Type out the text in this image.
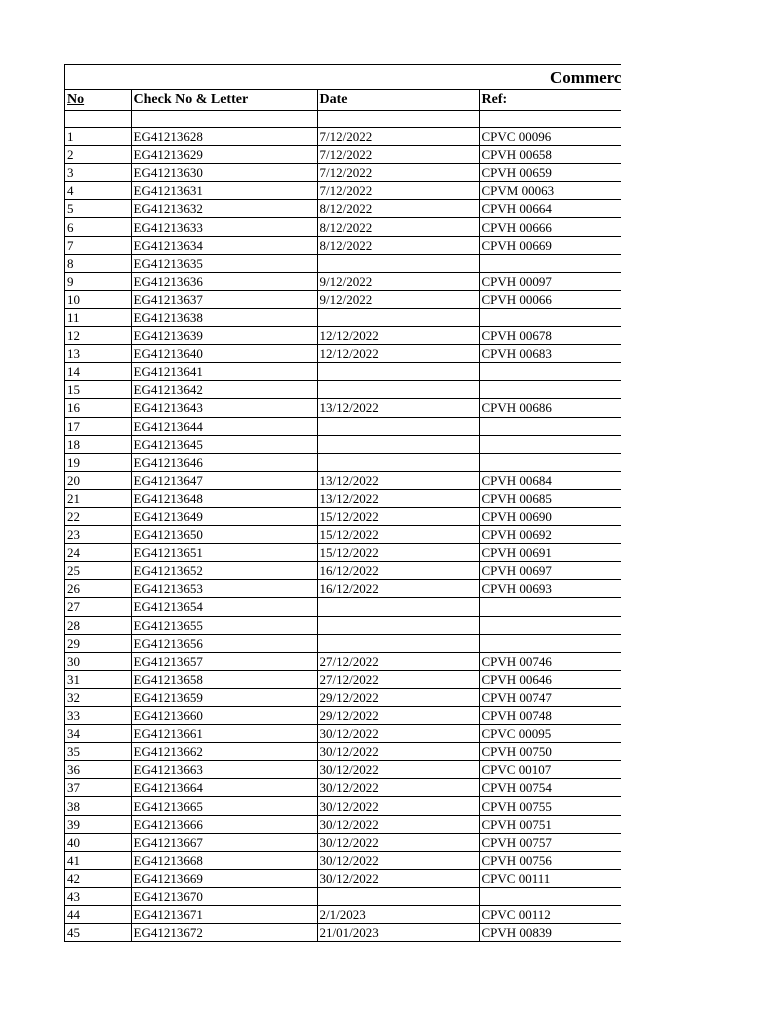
Commerc
No	Check No & Letter	Date	Ref:

1	EG41213628	7/12/2022	CPVC 00096
2	EG41213629	7/12/2022	CPVH 00658
3	EG41213630	7/12/2022	CPVH 00659
4	EG41213631	7/12/2022	CPVM 00063
5	EG41213632	8/12/2022	CPVH 00664
6	EG41213633	8/12/2022	CPVH 00666
7	EG41213634	8/12/2022	CPVH 00669
8	EG41213635		
9	EG41213636	9/12/2022	CPVH 00097
10	EG41213637	9/12/2022	CPVH 00066
11	EG41213638		
12	EG41213639	12/12/2022	CPVH 00678
13	EG41213640	12/12/2022	CPVH 00683
14	EG41213641		
15	EG41213642		
16	EG41213643	13/12/2022	CPVH 00686
17	EG41213644		
18	EG41213645		
19	EG41213646		
20	EG41213647	13/12/2022	CPVH 00684
21	EG41213648	13/12/2022	CPVH 00685
22	EG41213649	15/12/2022	CPVH 00690
23	EG41213650	15/12/2022	CPVH 00692
24	EG41213651	15/12/2022	CPVH 00691
25	EG41213652	16/12/2022	CPVH 00697
26	EG41213653	16/12/2022	CPVH 00693
27	EG41213654		
28	EG41213655		
29	EG41213656		
30	EG41213657	27/12/2022	CPVH 00746
31	EG41213658	27/12/2022	CPVH 00646
32	EG41213659	29/12/2022	CPVH 00747
33	EG41213660	29/12/2022	CPVH 00748
34	EG41213661	30/12/2022	CPVC 00095
35	EG41213662	30/12/2022	CPVH 00750
36	EG41213663	30/12/2022	CPVC 00107
37	EG41213664	30/12/2022	CPVH 00754
38	EG41213665	30/12/2022	CPVH 00755
39	EG41213666	30/12/2022	CPVH 00751
40	EG41213667	30/12/2022	CPVH 00757
41	EG41213668	30/12/2022	CPVH 00756
42	EG41213669	30/12/2022	CPVC 00111
43	EG41213670		
44	EG41213671	2/1/2023	CPVC 00112
45	EG41213672	21/01/2023	CPVH 00839
